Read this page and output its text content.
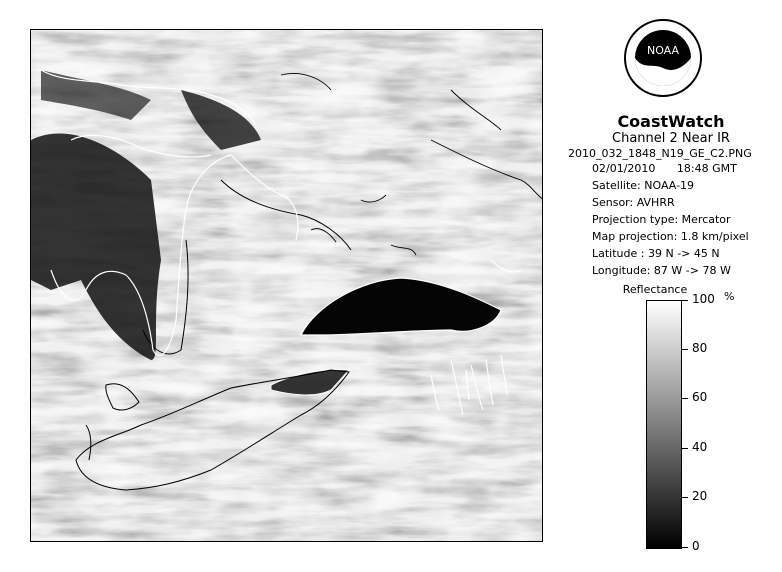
NOAA
CoastWatch
Channel 2 Near IR
2010_032_1848_N19_GE_C2.PNG
02/01/2010 18:48 GMT
Satellite: NOAA-19
Sensor: AVHRR
Projection type: Mercator
Map projection: 1.8 km/pixel
Latitude : 39 N -> 45 N
Longitude: 87 W -> 78 W
Reflectance
%
100
80
60
40
20
0
